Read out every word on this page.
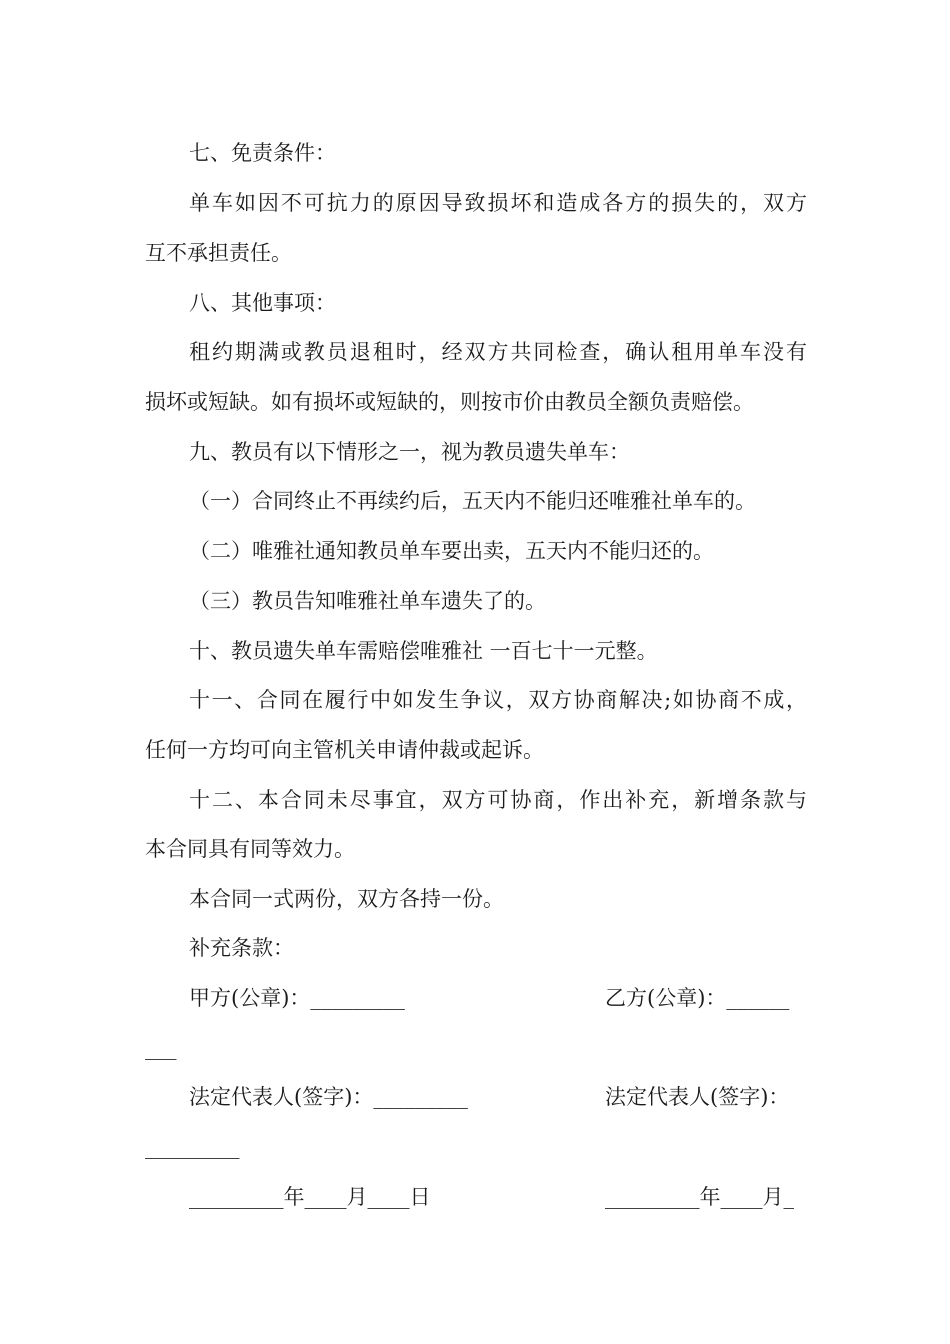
七、免责条件：
单车如因不可抗力的原因导致损坏和造成各方的损失的，双方
互不承担责任。
八、其他事项：
租约期满或教员退租时，经双方共同检查，确认租用单车没有
损坏或短缺。如有损坏或短缺的，则按市价由教员全额负责赔偿。
九、教员有以下情形之一，视为教员遗失单车：
（一）合同终止不再续约后，五天内不能归还唯雅社单车的。
（二）唯雅社通知教员单车要出卖，五天内不能归还的。
（三）教员告知唯雅社单车遗失了的。
十、教员遗失单车需赔偿唯雅社 一百七十一元整。
十一、合同在履行中如发生争议，双方协商解决;如协商不成，
任何一方均可向主管机关申请仲裁或起诉。
十二、本合同未尽事宜，双方可协商，作出补充，新增条款与
本合同具有同等效力。
本合同一式两份，双方各持一份。
补充条款：
甲方(公章)：_________	乙方(公章)：______
___
法定代表人(签字)：_________	法定代表人(签字)：
_________
_________年____月____日	_________年____月_
